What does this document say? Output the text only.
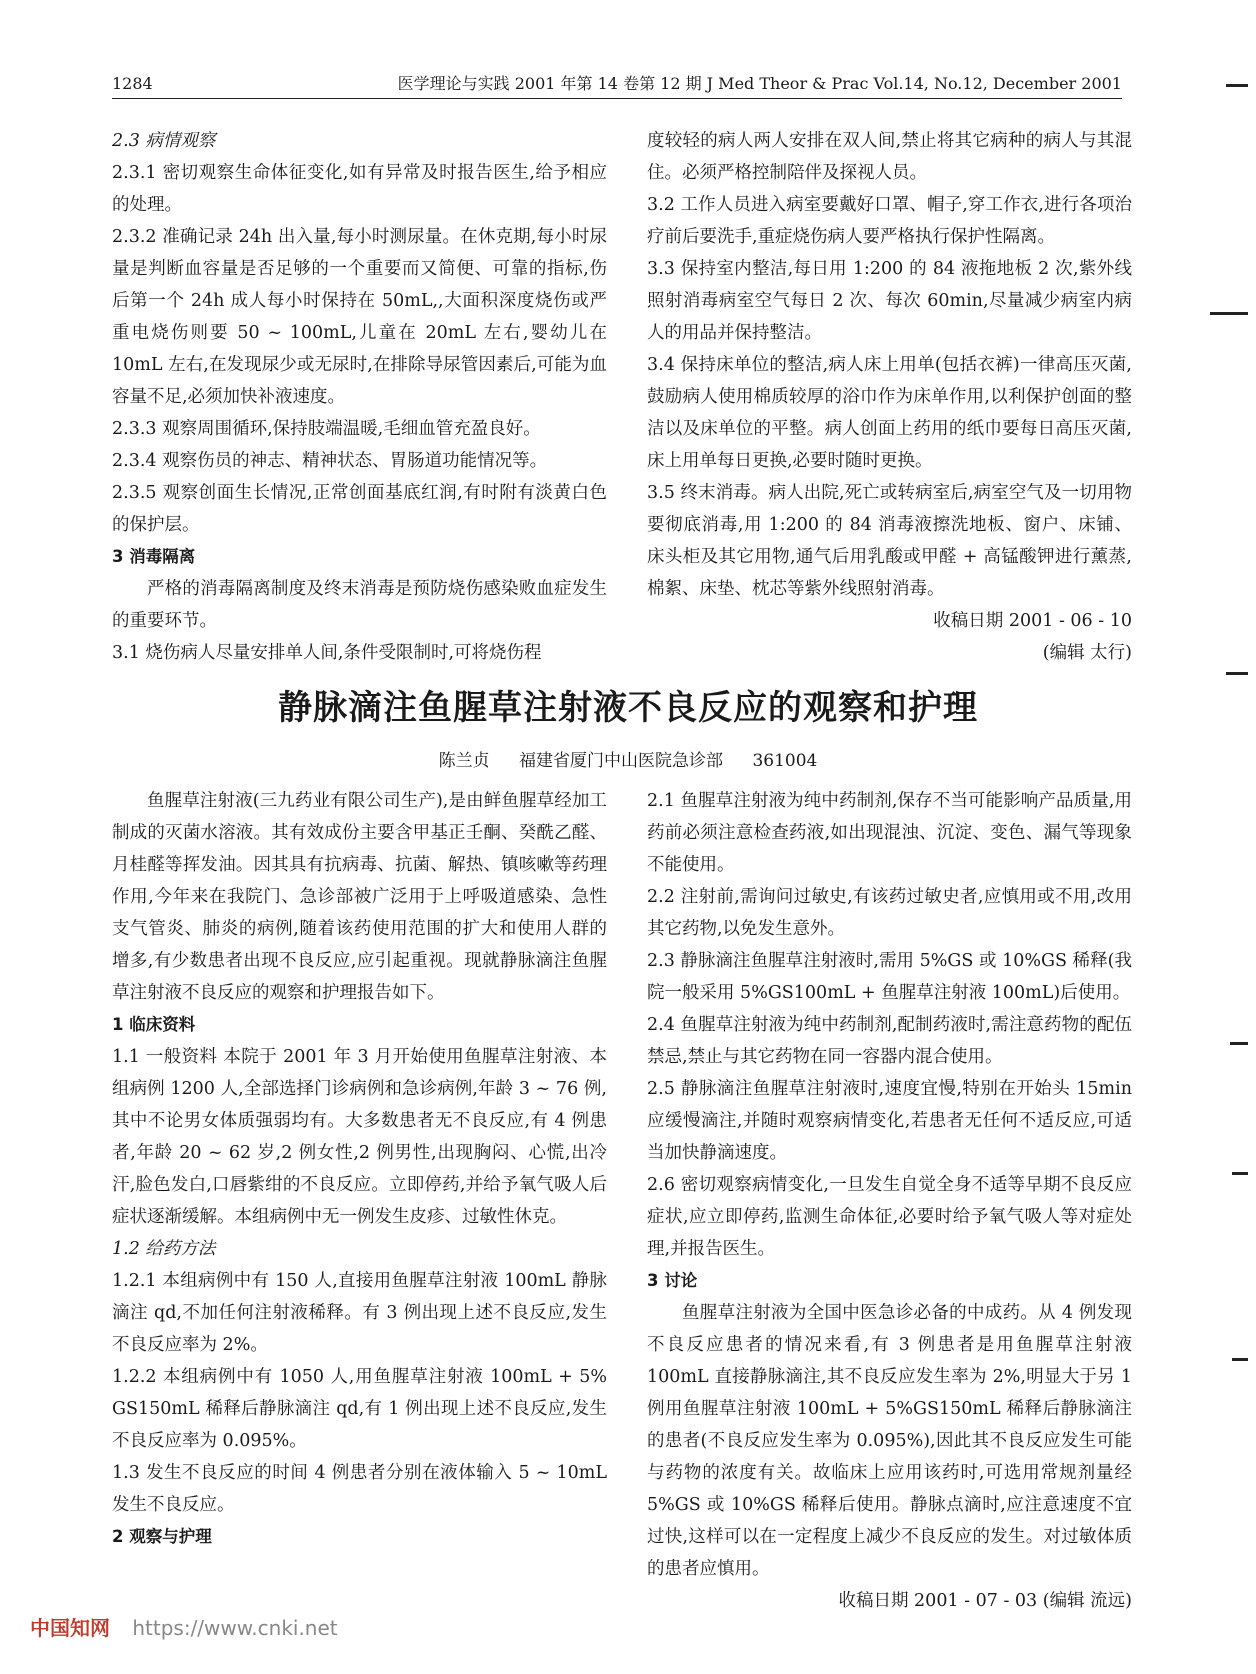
1284	医学理论与实践 2001 年第 14 卷第 12 期 J Med Theor & Prac Vol.14, No.12, December 2001

2.3 病情观察

2.3.1 密切观察生命体征变化,如有异常及时报告医生,给予相应的处理。

2.3.2 准确记录 24h 出入量,每小时测尿量。在休克期,每小时尿量是判断血容量是否足够的一个重要而又简便、可靠的指标,伤后第一个 24h 成人每小时保持在 50mL,,大面积深度烧伤或严重电烧伤则要 50 ~ 100mL,儿童在 20mL 左右,婴幼儿在 10mL 左右,在发现尿少或无尿时,在排除导尿管因素后,可能为血容量不足,必须加快补液速度。

2.3.3 观察周围循环,保持肢端温暖,毛细血管充盈良好。

2.3.4 观察伤员的神志、精神状态、胃肠道功能情况等。

2.3.5 观察创面生长情况,正常创面基底红润,有时附有淡黄白色的保护层。

3 消毒隔离

严格的消毒隔离制度及终末消毒是预防烧伤感染败血症发生的重要环节。

3.1 烧伤病人尽量安排单人间,条件受限制时,可将烧伤程

度较轻的病人两人安排在双人间,禁止将其它病种的病人与其混住。必须严格控制陪伴及探视人员。

3.2 工作人员进入病室要戴好口罩、帽子,穿工作衣,进行各项治疗前后要洗手,重症烧伤病人要严格执行保护性隔离。

3.3 保持室内整洁,每日用 1:200 的 84 液拖地板 2 次,紫外线照射消毒病室空气每日 2 次、每次 60min,尽量减少病室内病人的用品并保持整洁。

3.4 保持床单位的整洁,病人床上用单(包括衣裤)一律高压灭菌,鼓励病人使用棉质较厚的浴巾作为床单作用,以利保护创面的整洁以及床单位的平整。病人创面上药用的纸巾要每日高压灭菌,床上用单每日更换,必要时随时更换。

3.5 终末消毒。病人出院,死亡或转病室后,病室空气及一切用物要彻底消毒,用 1:200 的 84 消毒液擦洗地板、窗户、床铺、床头柜及其它用物,通气后用乳酸或甲醛 + 高锰酸钾进行薰蒸,棉絮、床垫、枕芯等紫外线照射消毒。

收稿日期 2001 - 06 - 10

(编辑 太行)

静脉滴注鱼腥草注射液不良反应的观察和护理
陈兰贞 福建省厦门中山医院急诊部 361004

鱼腥草注射液(三九药业有限公司生产),是由鲜鱼腥草经加工制成的灭菌水溶液。其有效成份主要含甲基正壬酮、癸酰乙醛、月桂醛等挥发油。因其具有抗病毒、抗菌、解热、镇咳嗽等药理作用,今年来在我院门、急诊部被广泛用于上呼吸道感染、急性支气管炎、肺炎的病例,随着该药使用范围的扩大和使用人群的增多,有少数患者出现不良反应,应引起重视。现就静脉滴注鱼腥草注射液不良反应的观察和护理报告如下。

1 临床资料

1.1 一般资料 本院于 2001 年 3 月开始使用鱼腥草注射液、本组病例 1200 人,全部选择门诊病例和急诊病例,年龄 3 ~ 76 例,其中不论男女体质强弱均有。大多数患者无不良反应,有 4 例患者,年龄 20 ~ 62 岁,2 例女性,2 例男性,出现胸闷、心慌,出冷汗,脸色发白,口唇紫绀的不良反应。立即停药,并给予氧气吸人后症状逐渐缓解。本组病例中无一例发生皮疹、过敏性休克。

1.2 给药方法

1.2.1 本组病例中有 150 人,直接用鱼腥草注射液 100mL 静脉滴注 qd,不加任何注射液稀释。有 3 例出现上述不良反应,发生不良反应率为 2%。

1.2.2 本组病例中有 1050 人,用鱼腥草注射液 100mL + 5% GS150mL 稀释后静脉滴注 qd,有 1 例出现上述不良反应,发生不良反应率为 0.095%。

1.3 发生不良反应的时间 4 例患者分别在液体输入 5 ~ 10mL 发生不良反应。

2 观察与护理

2.1 鱼腥草注射液为纯中药制剂,保存不当可能影响产品质量,用药前必须注意检查药液,如出现混浊、沉淀、变色、漏气等现象不能使用。

2.2 注射前,需询问过敏史,有该药过敏史者,应慎用或不用,改用其它药物,以免发生意外。

2.3 静脉滴注鱼腥草注射液时,需用 5%GS 或 10%GS 稀释(我院一般采用 5%GS100mL + 鱼腥草注射液 100mL)后使用。

2.4 鱼腥草注射液为纯中药制剂,配制药液时,需注意药物的配伍禁忌,禁止与其它药物在同一容器内混合使用。

2.5 静脉滴注鱼腥草注射液时,速度宜慢,特别在开始头 15min 应缓慢滴注,并随时观察病情变化,若患者无任何不适反应,可适当加快静滴速度。

2.6 密切观察病情变化,一旦发生自觉全身不适等早期不良反应症状,应立即停药,监测生命体征,必要时给予氧气吸人等对症处理,并报告医生。

3 讨论

鱼腥草注射液为全国中医急诊必备的中成药。从 4 例发现不良反应患者的情况来看,有 3 例患者是用鱼腥草注射液 100mL 直接静脉滴注,其不良反应发生率为 2%,明显大于另 1 例用鱼腥草注射液 100mL + 5%GS150mL 稀释后静脉滴注的患者(不良反应发生率为 0.095%),因此其不良反应发生可能与药物的浓度有关。故临床上应用该药时,可选用常规剂量经 5%GS 或 10%GS 稀释后使用。静脉点滴时,应注意速度不宜过快,这样可以在一定程度上减少不良反应的发生。对过敏体质的患者应慎用。

收稿日期 2001 - 07 - 03 (编辑 流远)

中国知网 https://www.cnki.net
